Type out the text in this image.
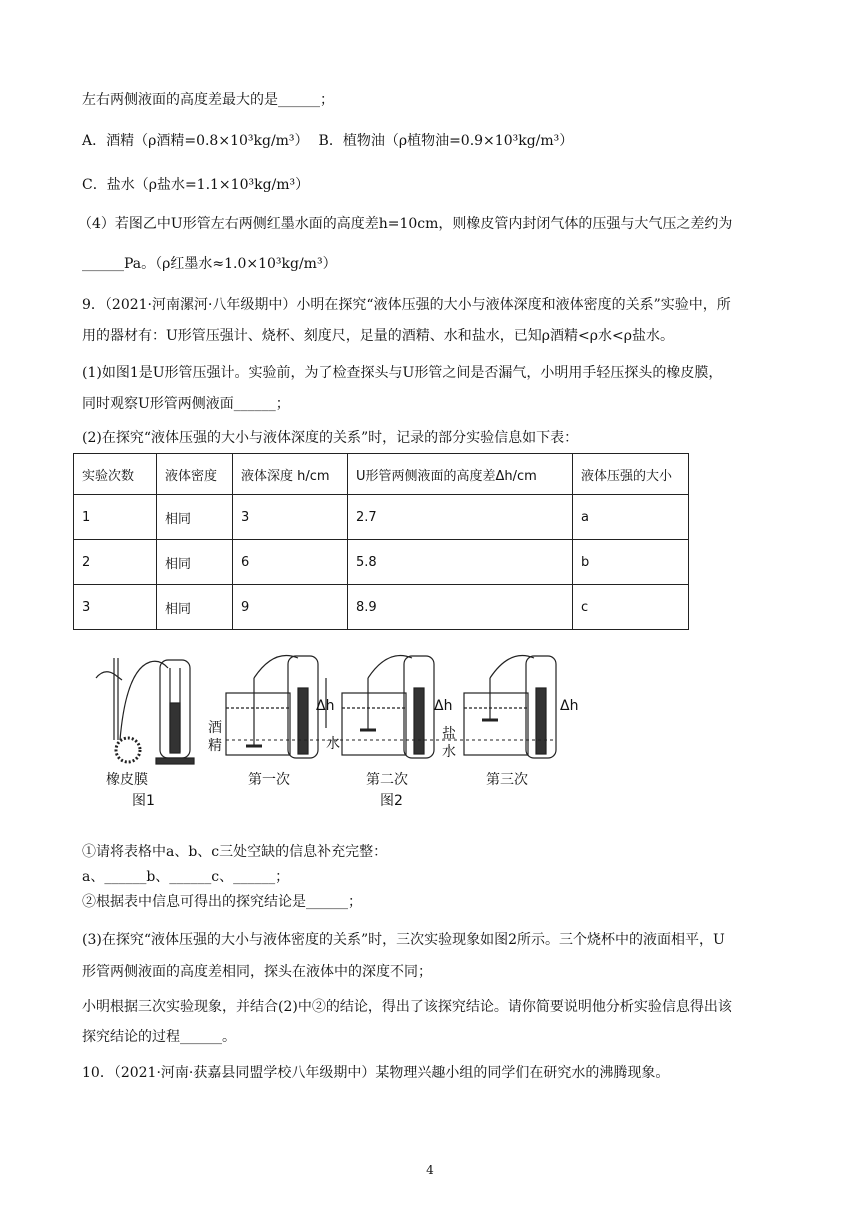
左右两侧液面的高度差最大的是______；
A．酒精（ρ酒精=0.8×10³kg/m³） B．植物油（ρ植物油=0.9×10³kg/m³）
C．盐水（ρ盐水=1.1×10³kg/m³）
（4）若图乙中U形管左右两侧红墨水面的高度差h=10cm，则橡皮管内封闭气体的压强与大气压之差约为
______Pa。（ρ红墨水≈1.0×10³kg/m³）
9．（2021·河南漯河·八年级期中）小明在探究“液体压强的大小与液体深度和液体密度的关系”实验中，所
用的器材有：U形管压强计、烧杯、刻度尺，足量的酒精、水和盐水，已知ρ酒精<ρ水<ρ盐水。
(1)如图1是U形管压强计。实验前，为了检查探头与U形管之间是否漏气，小明用手轻压探头的橡皮膜，
同时观察U形管两侧液面______；
(2)在探究“液体压强的大小与液体深度的关系”时，记录的部分实验信息如下表：
实验次数	液体密度	液体深度 h/cm	U形管两侧液面的高度差Δh/cm	液体压强的大小
1	相同	3	2.7	a
2	相同	6	5.8	b
3	相同	9	8.9	c
橡皮膜
图1
酒
精	水
盐
水
Δh	Δh	Δh
第一次	第二次	第三次
图2
①请将表格中a、b、c三处空缺的信息补充完整：
a、______b、______c、______；
②根据表中信息可得出的探究结论是______；
(3)在探究“液体压强的大小与液体密度的关系”时，三次实验现象如图2所示。三个烧杯中的液面相平，U
形管两侧液面的高度差相同，探头在液体中的深度不同；
小明根据三次实验现象，并结合(2)中②的结论，得出了该探究结论。请你简要说明他分析实验信息得出该
探究结论的过程______。
10．（2021·河南·获嘉县同盟学校八年级期中）某物理兴趣小组的同学们在研究水的沸腾现象。
4
